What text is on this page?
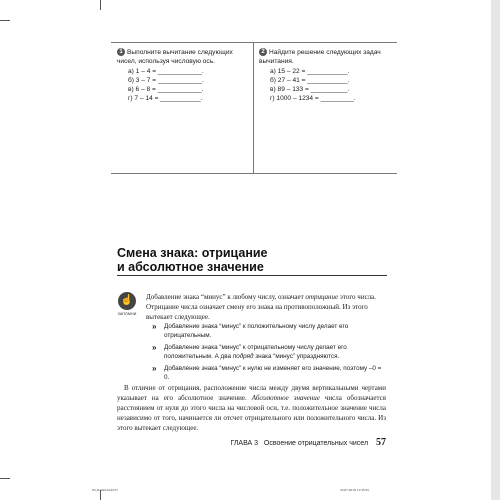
1 Выполните вычитание следующих чисел, используя числовую ось.
а) 1 – 4 = ____________.
б) 3 – 7 = ____________.
в) 6 – 8 = ____________.
г) 7 – 14 = ___________.
2 Найдите решение следующих задач вычитания.
а) 15 – 22 = ___________.
б) 27 – 41 = ___________.
в) 89 – 133 = __________.
г) 1000 – 1234 = _________.
Смена знака: отрицание
и абсолютное значение
☝
ЗАПОМНИ
Добавление знака “минус” к любому числу, означает отрицание этого числа. Отрицание числа означает смену его знака на противоположный. Из этого вытекает следующее.
» Добавление знака “минус” к положительному числу делает его отрицательным.
» Добавление знака “минус” к отрицательному числу делает его положительным. А два подряд знака “минус” упраздняются.
» Добавление знака “минус” к нулю не изменяет его значение, поэтому –0 = 0.
 В отличие от отрицания, расположение числа между двумя вертикальными чертами указывает на его абсолютное значение. Абсолютное значение числа обозначается расстоянием от нуля до этого числа на числовой оси, т.е. положительное значение числа независимо от того, начинается ли отсчет отрицательного или положительного числа. Из этого вытекает следующее.
ГЛАВА 3 Освоение отрицательных чисел 57
03_Part01.indd 57	25.07.2019 11:35:35
